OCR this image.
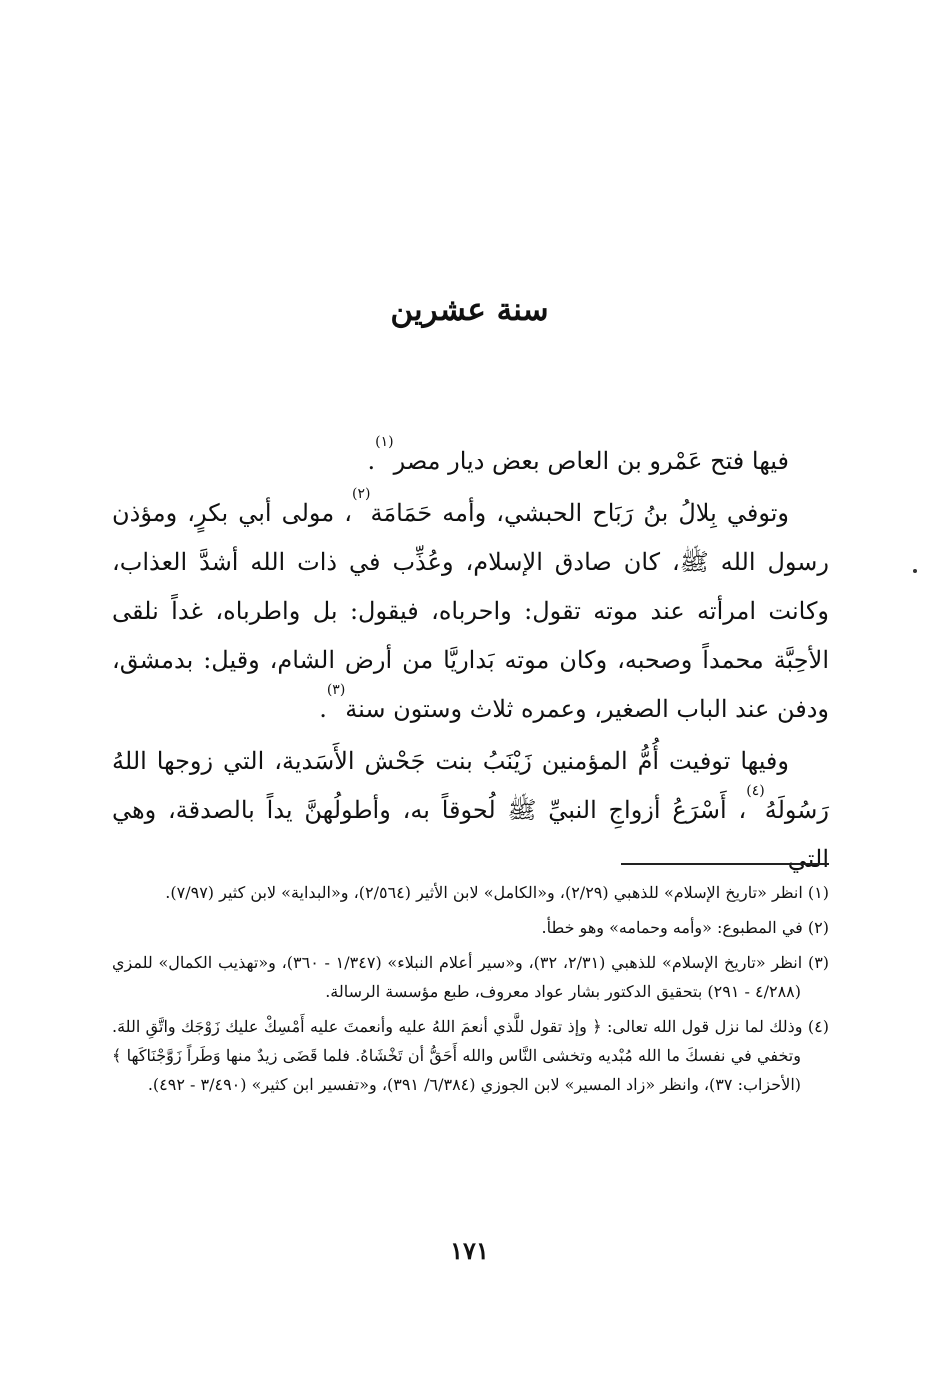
سنة عشرين

فيها فتح عَمْرو بن العاص بعض ديار مصر$^{(١)}$.

وتوفي بِلالُ بنُ رَبَاح الحبشي، وأمه حَمَامَة$^{(٢)}$، مولى أبي بكرٍ، ومؤذن رسول الله ﷺ، كان صادق الإسلام، وعُذِّب في ذات الله أشدَّ العذاب، وكانت امرأته عند موته تقول: واحرباه، فيقول: بل واطرباه، غداً نلقى الأحِبَّة محمداً وصحبه، وكان موته بَداريَّا من أرض الشام، وقيل: بدمشق، ودفن عند الباب الصغير، وعمره ثلاث وستون سنة$^{(٣)}$.

وفيها توفيت أُمُّ المؤمنين زَيْنَبُ بنت جَحْش الأَسَدية، التي زوجها اللهُ رَسُولَهُ$^{(٤)}$، أَسْرَعُ أزواجِ النبيِّ ﷺ لُحوقاً به، وأطولُهنَّ يداً بالصدقة، وهي التي

(١) انظر «تاريخ الإسلام» للذهبي (٢/٢٩)، و«الكامل» لابن الأثير (٢/٥٦٤)، و«البداية» لابن كثير (٧/٩٧).

(٢) في المطبوع: «وأمه وحمامه» وهو خطأ.

(٣) انظر «تاريخ الإسلام» للذهبي (٢/٣١، ٣٢)، و«سير أعلام النبلاء» (١/٣٤٧ - ٣٦٠)، و«تهذيب الكمال» للمزي (٤/٢٨٨ - ٢٩١) بتحقيق الدكتور بشار عواد معروف، طبع مؤسسة الرسالة.

(٤) وذلك لما نزل قول الله تعالى: ﴿ وإذ تقول للَّذي أنعمَ اللهُ عليه وأنعمتَ عليه أَمْسِكْ عليك زَوْجَك واتَّقِ اللهَ. وتخفي في نفسكَ ما الله مُبْديه وتخشى النَّاس والله أَحَقُّ أن تَخْشَاهُ. فلما قَضَى زيدٌ منها وَطَراً زَوَّجْنَاكَها ﴾ (الأحزاب: ٣٧)، وانظر «زاد المسير» لابن الجوزي (٦/٣٨٤/ ٣٩١)، و«تفسير ابن كثير» (٣/٤٩٠ - ٤٩٢).

١٧١
